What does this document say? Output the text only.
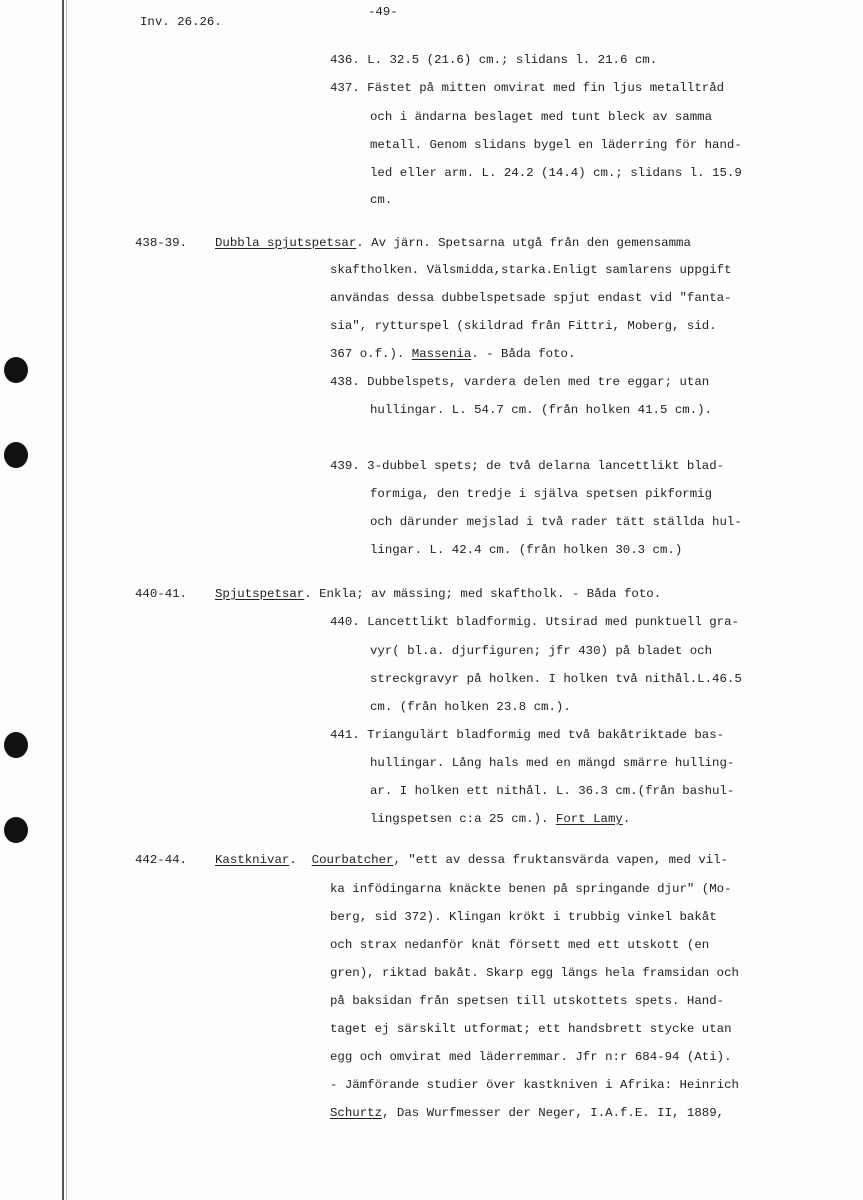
Inv. 26.26.
-49-
436. L. 32.5 (21.6) cm.; slidans l. 21.6 cm.
437. Fästet på mitten omvirat med fin ljus metalltråd
och i ändarna beslaget med tunt bleck av samma
metall. Genom slidans bygel en läderring för hand-
led eller arm. L. 24.2 (14.4) cm.; slidans l. 15.9
cm.
438-39. Dubbla spjutspetsar. Av järn. Spetsarna utgå från den gemensamma
skaftholken. Välsmidda,starka.Enligt samlarens uppgift
användas dessa dubbelspetsade spjut endast vid "fanta-
sia", rytturspel (skildrad från Fittri, Moberg, sid.
367 o.f.). Massenia. - Båda foto.
438. Dubbelspets, vardera delen med tre eggar; utan
hullingar. L. 54.7 cm. (från holken 41.5 cm.).
439. 3-dubbel spets; de två delarna lancettlikt blad-
formiga, den tredje i själva spetsen pikformig
och därunder mejslad i två rader tätt ställda hul-
lingar. L. 42.4 cm. (från holken 30.3 cm.)
440-41. Spjutspetsar. Enkla; av mässing; med skaftholk. - Båda foto.
440. Lancettlikt bladformig. Utsirad med punktuell gra-
vyr( bl.a. djurfiguren; jfr 430) på bladet och
streckgravyr på holken. I holken två nithål.L.46.5
cm. (från holken 23.8 cm.).
441. Triangulärt bladformig med två bakåtriktade bas-
hullingar. Lång hals med en mängd smärre hulling-
ar. I holken ett nithål. L. 36.3 cm.(från bashul-
lingspetsen c:a 25 cm.). Fort Lamy.
442-44. Kastknivar.  Courbatcher, "ett av dessa fruktansvärda vapen, med vil-
ka infödingarna knäckte benen på springande djur" (Mo-
berg, sid 372). Klingan krökt i trubbig vinkel bakåt
och strax nedanför knät försett med ett utskott (en
gren), riktad bakåt. Skarp egg längs hela framsidan och
på baksidan från spetsen till utskottets spets. Hand-
taget ej särskilt utformat; ett handsbrett stycke utan
egg och omvirat med läderremmar. Jfr n:r 684-94 (Ati).
- Jämförande studier över kastkniven i Afrika: Heinrich
Schurtz, Das Wurfmesser der Neger, I.A.f.E. II, 1889,
